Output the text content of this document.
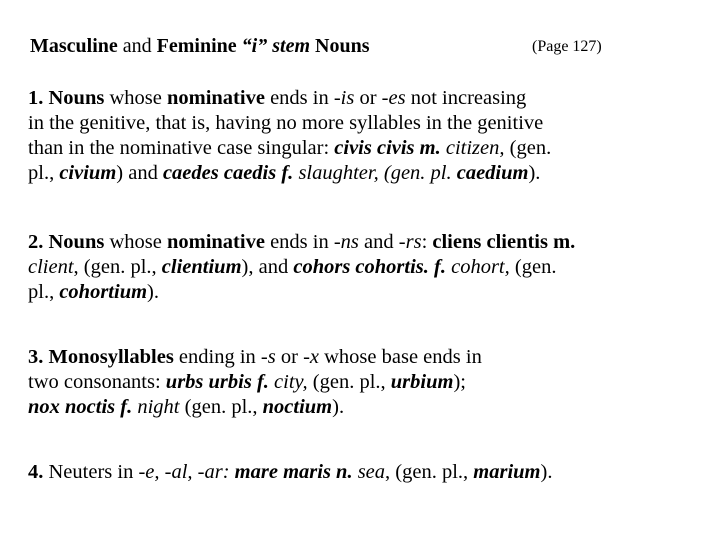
Masculine and Feminine “i” stem Nouns	(Page 127)
1. Nouns whose nominative ends in -is or -es not increasing
in the genitive, that is, having no more syllables in the genitive
than in the nominative case singular: civis civis m. citizen, (gen.
pl., civium) and caedes caedis f. slaughter, (gen. pl. caedium).
2. Nouns whose nominative ends in -ns and -rs: cliens clientis m.
client, (gen. pl., clientium), and cohors cohortis. f. cohort, (gen.
pl., cohortium).
3. Monosyllables ending in -s or -x whose base ends in
two consonants: urbs urbis f. city, (gen. pl., urbium);
nox noctis f. night (gen. pl., noctium).
4. Neuters in -e, -al, -ar: mare maris n. sea, (gen. pl., marium).
